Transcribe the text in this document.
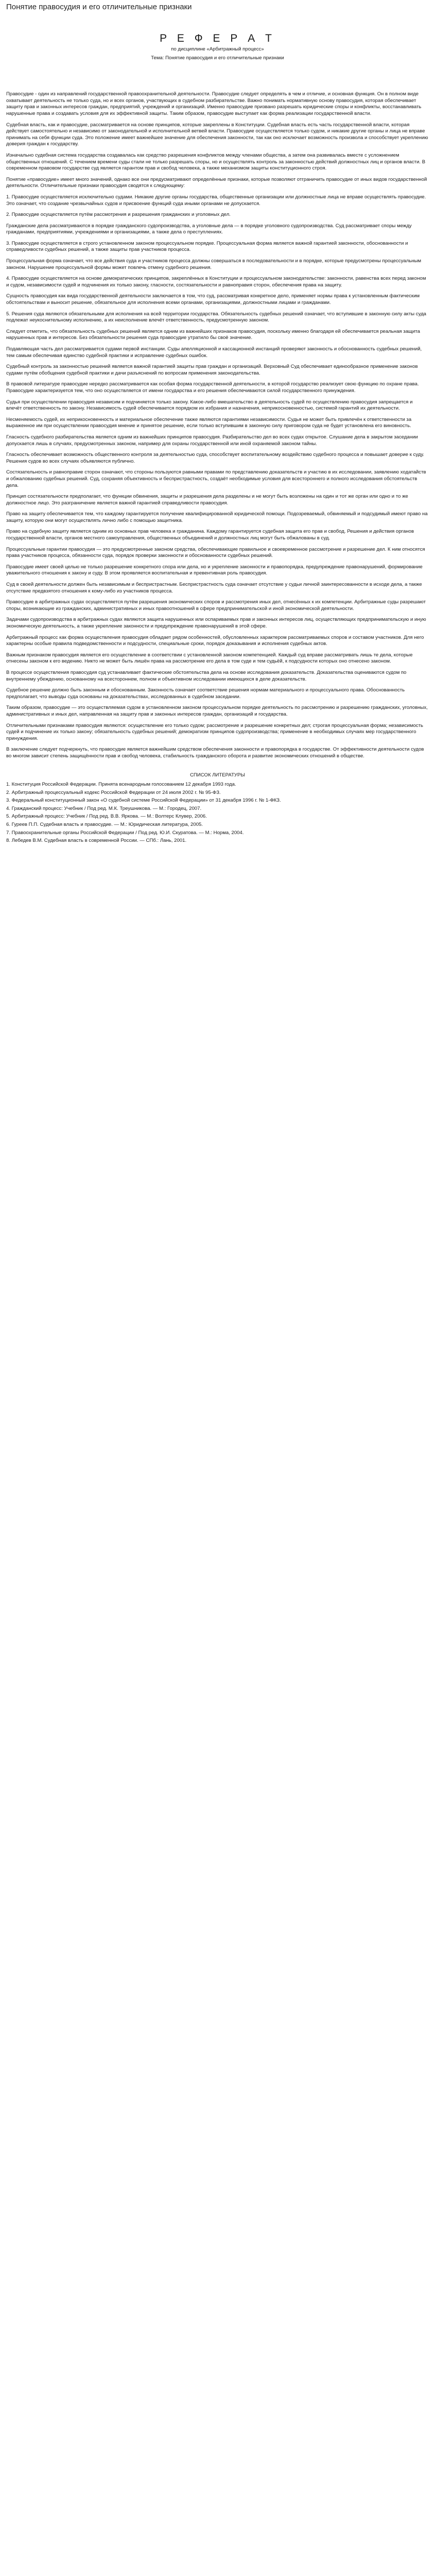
Понятие правосудия и его отличительные признаки
Р Е Ф Е Р А Т
по дисциплине «Арбитражный процесс»
Тема: Понятие правосудия и его отличительные признаки

Правосудие - один из направлений государственной правоохранительной деятельности. Правосудие следует определять в чем и отличие, и основная функция. Он в полном виде охватывает деятельность не только суда, но и всех органов, участвующих в судебном разбирательстве. Важно понимать нормативную основу правосудия, которая обеспечивает защиту прав и законных интересов граждан, предприятий, учреждений и организаций. Именно правосудие призвано разрешать юридические споры и конфликты, восстанавливать нарушенные права и создавать условия для их эффективной защиты. Таким образом, правосудие выступает как форма реализации государственной власти.

Судебная власть, как и правосудие, рассматривается на основе принципов, которые закреплены в Конституции. Судебная власть есть часть государственной власти, которая действует самостоятельно и независимо от законодательной и исполнительной ветвей власти. Правосудие осуществляется только судом, и никакие другие органы и лица не вправе принимать на себя функции суда. Это положение имеет важнейшее значение для обеспечения законности, так как оно исключает возможность произвола и способствует укреплению доверия граждан к государству.

Изначально судебная система государства создавалась как средство разрешения конфликтов между членами общества, а затем она развивалась вместе с усложнением общественных отношений. С течением времени суды стали не только разрешать споры, но и осуществлять контроль за законностью действий должностных лиц и органов власти. В современном правовом государстве суд является гарантом прав и свобод человека, а также механизмом защиты конституционного строя.

Понятие «правосудие» имеет много значений, однако все они предусматривают определённые признаки, которые позволяют отграничить правосудие от иных видов государственной деятельности. Отличительные признаки правосудия сводятся к следующему:

1. Правосудие осуществляется исключительно судами. Никакие другие органы государства, общественные организации или должностные лица не вправе осуществлять правосудие. Это означает, что создание чрезвычайных судов и присвоение функций суда иными органами не допускается.

2. Правосудие осуществляется путём рассмотрения и разрешения гражданских и уголовных дел.

Гражданские дела рассматриваются в порядке гражданского судопроизводства, а уголовные дела — в порядке уголовного судопроизводства. Суд рассматривает споры между гражданами, предприятиями, учреждениями и организациями, а также дела о преступлениях.

3. Правосудие осуществляется в строго установленном законом процессуальном порядке. Процессуальная форма является важной гарантией законности, обоснованности и справедливости судебных решений, а также защиты прав участников процесса.

Процессуальная форма означает, что все действия суда и участников процесса должны совершаться в последовательности и в порядке, которые предусмотрены процессуальным законом. Нарушение процессуальной формы может повлечь отмену судебного решения.

4. Правосудие осуществляется на основе демократических принципов, закреплённых в Конституции и процессуальном законодательстве: законности, равенства всех перед законом и судом, независимости судей и подчинения их только закону, гласности, состязательности и равноправия сторон, обеспечения права на защиту.

Сущность правосудия как вида государственной деятельности заключается в том, что суд, рассматривая конкретное дело, применяет нормы права к установленным фактическим обстоятельствам и выносит решение, обязательное для исполнения всеми органами, организациями, должностными лицами и гражданами.

5. Решения суда являются обязательными для исполнения на всей территории государства. Обязательность судебных решений означает, что вступившие в законную силу акты суда подлежат неукоснительному исполнению, а их неисполнение влечёт ответственность, предусмотренную законом.

Следует отметить, что обязательность судебных решений является одним из важнейших признаков правосудия, поскольку именно благодаря ей обеспечивается реальная защита нарушенных прав и интересов. Без обязательности решения суда правосудие утратило бы своё значение.

Подавляющая часть дел рассматривается судами первой инстанции. Суды апелляционной и кассационной инстанций проверяют законность и обоснованность судебных решений, тем самым обеспечивая единство судебной практики и исправление судебных ошибок.

Судебный контроль за законностью решений является важной гарантией защиты прав граждан и организаций. Верховный Суд обеспечивает единообразное применение законов судами путём обобщения судебной практики и дачи разъяснений по вопросам применения законодательства.

В правовой литературе правосудие нередко рассматривается как особая форма государственной деятельности, в которой государство реализует свою функцию по охране права. Правосудие характеризуется тем, что оно осуществляется от имени государства и его решения обеспечиваются силой государственного принуждения.

Судья при осуществлении правосудия независим и подчиняется только закону. Какое-либо вмешательство в деятельность судей по осуществлению правосудия запрещается и влечёт ответственность по закону. Независимость судей обеспечивается порядком их избрания и назначения, неприкосновенностью, системой гарантий их деятельности.

Несменяемость судей, их неприкосновенность и материальное обеспечение также являются гарантиями независимости. Судья не может быть привлечён к ответственности за выраженное им при осуществлении правосудия мнение и принятое решение, если только вступившим в законную силу приговором суда не будет установлена его виновность.

Гласность судебного разбирательства является одним из важнейших принципов правосудия. Разбирательство дел во всех судах открытое. Слушание дела в закрытом заседании допускается лишь в случаях, предусмотренных законом, например для охраны государственной или иной охраняемой законом тайны.

Гласность обеспечивает возможность общественного контроля за деятельностью суда, способствует воспитательному воздействию судебного процесса и повышает доверие к суду. Решения судов во всех случаях объявляются публично.

Состязательность и равноправие сторон означают, что стороны пользуются равными правами по представлению доказательств и участию в их исследовании, заявлению ходатайств и обжалованию судебных решений. Суд, сохраняя объективность и беспристрастность, создаёт необходимые условия для всестороннего и полного исследования обстоятельств дела.

Принцип состязательности предполагает, что функции обвинения, защиты и разрешения дела разделены и не могут быть возложены на один и тот же орган или одно и то же должностное лицо. Это разграничение является важной гарантией справедливости правосудия.

Право на защиту обеспечивается тем, что каждому гарантируется получение квалифицированной юридической помощи. Подозреваемый, обвиняемый и подсудимый имеют право на защиту, которую они могут осуществлять лично либо с помощью защитника.

Право на судебную защиту является одним из основных прав человека и гражданина. Каждому гарантируется судебная защита его прав и свобод. Решения и действия органов государственной власти, органов местного самоуправления, общественных объединений и должностных лиц могут быть обжалованы в суд.

Процессуальные гарантии правосудия — это предусмотренные законом средства, обеспечивающие правильное и своевременное рассмотрение и разрешение дел. К ним относятся права участников процесса, обязанности суда, порядок проверки законности и обоснованности судебных решений.

Правосудие имеет своей целью не только разрешение конкретного спора или дела, но и укрепление законности и правопорядка, предупреждение правонарушений, формирование уважительного отношения к закону и суду. В этом проявляется воспитательная и превентивная роль правосудия.

Суд в своей деятельности должен быть независимым и беспристрастным. Беспристрастность суда означает отсутствие у судьи личной заинтересованности в исходе дела, а также отсутствие предвзятого отношения к кому-либо из участников процесса.

Правосудие в арбитражных судах осуществляется путём разрешения экономических споров и рассмотрения иных дел, отнесённых к их компетенции. Арбитражные суды разрешают споры, возникающие из гражданских, административных и иных правоотношений в сфере предпринимательской и иной экономической деятельности.

Задачами судопроизводства в арбитражных судах являются защита нарушенных или оспариваемых прав и законных интересов лиц, осуществляющих предпринимательскую и иную экономическую деятельность, а также укрепление законности и предупреждение правонарушений в этой сфере.

Арбитражный процесс как форма осуществления правосудия обладает рядом особенностей, обусловленных характером рассматриваемых споров и составом участников. Для него характерны особые правила подведомственности и подсудности, специальные сроки, порядок доказывания и исполнения судебных актов.

Важным признаком правосудия является его осуществление в соответствии с установленной законом компетенцией. Каждый суд вправе рассматривать лишь те дела, которые отнесены законом к его ведению. Никто не может быть лишён права на рассмотрение его дела в том суде и тем судьёй, к подсудности которых оно отнесено законом.

В процессе осуществления правосудия суд устанавливает фактические обстоятельства дела на основе исследования доказательств. Доказательства оцениваются судом по внутреннему убеждению, основанному на всестороннем, полном и объективном исследовании имеющихся в деле доказательств.

Судебное решение должно быть законным и обоснованным. Законность означает соответствие решения нормам материального и процессуального права. Обоснованность предполагает, что выводы суда основаны на доказательствах, исследованных в судебном заседании.

Таким образом, правосудие — это осуществляемая судом в установленном законом процессуальном порядке деятельность по рассмотрению и разрешению гражданских, уголовных, административных и иных дел, направленная на защиту прав и законных интересов граждан, организаций и государства.

Отличительными признаками правосудия являются: осуществление его только судом; рассмотрение и разрешение конкретных дел; строгая процессуальная форма; независимость судей и подчинение их только закону; обязательность судебных решений; демократизм принципов судопроизводства; применение в необходимых случаях мер государственного принуждения.

В заключение следует подчеркнуть, что правосудие является важнейшим средством обеспечения законности и правопорядка в государстве. От эффективности деятельности судов во многом зависит степень защищённости прав и свобод человека, стабильность гражданского оборота и развитие экономических отношений в обществе.

СПИСОК ЛИТЕРАТУРЫ
1. Конституция Российской Федерации. Принята всенародным голосованием 12 декабря 1993 года.
2. Арбитражный процессуальный кодекс Российской Федерации от 24 июля 2002 г. № 95-ФЗ.
3. Федеральный конституционный закон «О судебной системе Российской Федерации» от 31 декабря 1996 г. № 1-ФКЗ.
4. Гражданский процесс: Учебник / Под ред. М.К. Треушникова. — М.: Городец, 2007.
5. Арбитражный процесс: Учебник / Под ред. В.В. Яркова. — М.: Волтерс Клувер, 2006.
6. Гуреев П.П. Судебная власть и правосудие. — М.: Юридическая литература, 2005.
7. Правоохранительные органы Российской Федерации / Под ред. Ю.И. Скуратова. — М.: Норма, 2004.
8. Лебедев В.М. Судебная власть в современной России. — СПб.: Лань, 2001.
